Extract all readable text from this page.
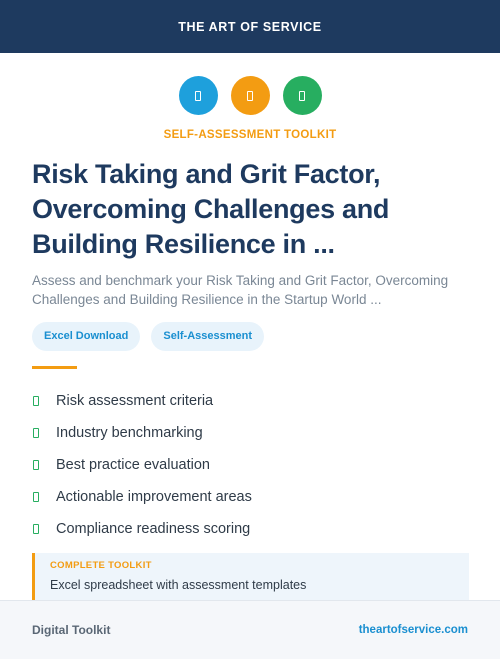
THE ART OF SERVICE
SELF-ASSESSMENT TOOLKIT
Risk Taking and Grit Factor, Overcoming Challenges and Building Resilience in ...

Assess and benchmark your Risk Taking and Grit Factor, Overcoming Challenges and Building Resilience in the Startup World ...

Excel Download	Self-Assessment
Risk assessment criteria
Industry benchmarking
Best practice evaluation
Actionable improvement areas
Compliance readiness scoring
COMPLETE TOOLKIT
Excel spreadsheet with assessment templates
Digital Toolkit	theartofservice.com
